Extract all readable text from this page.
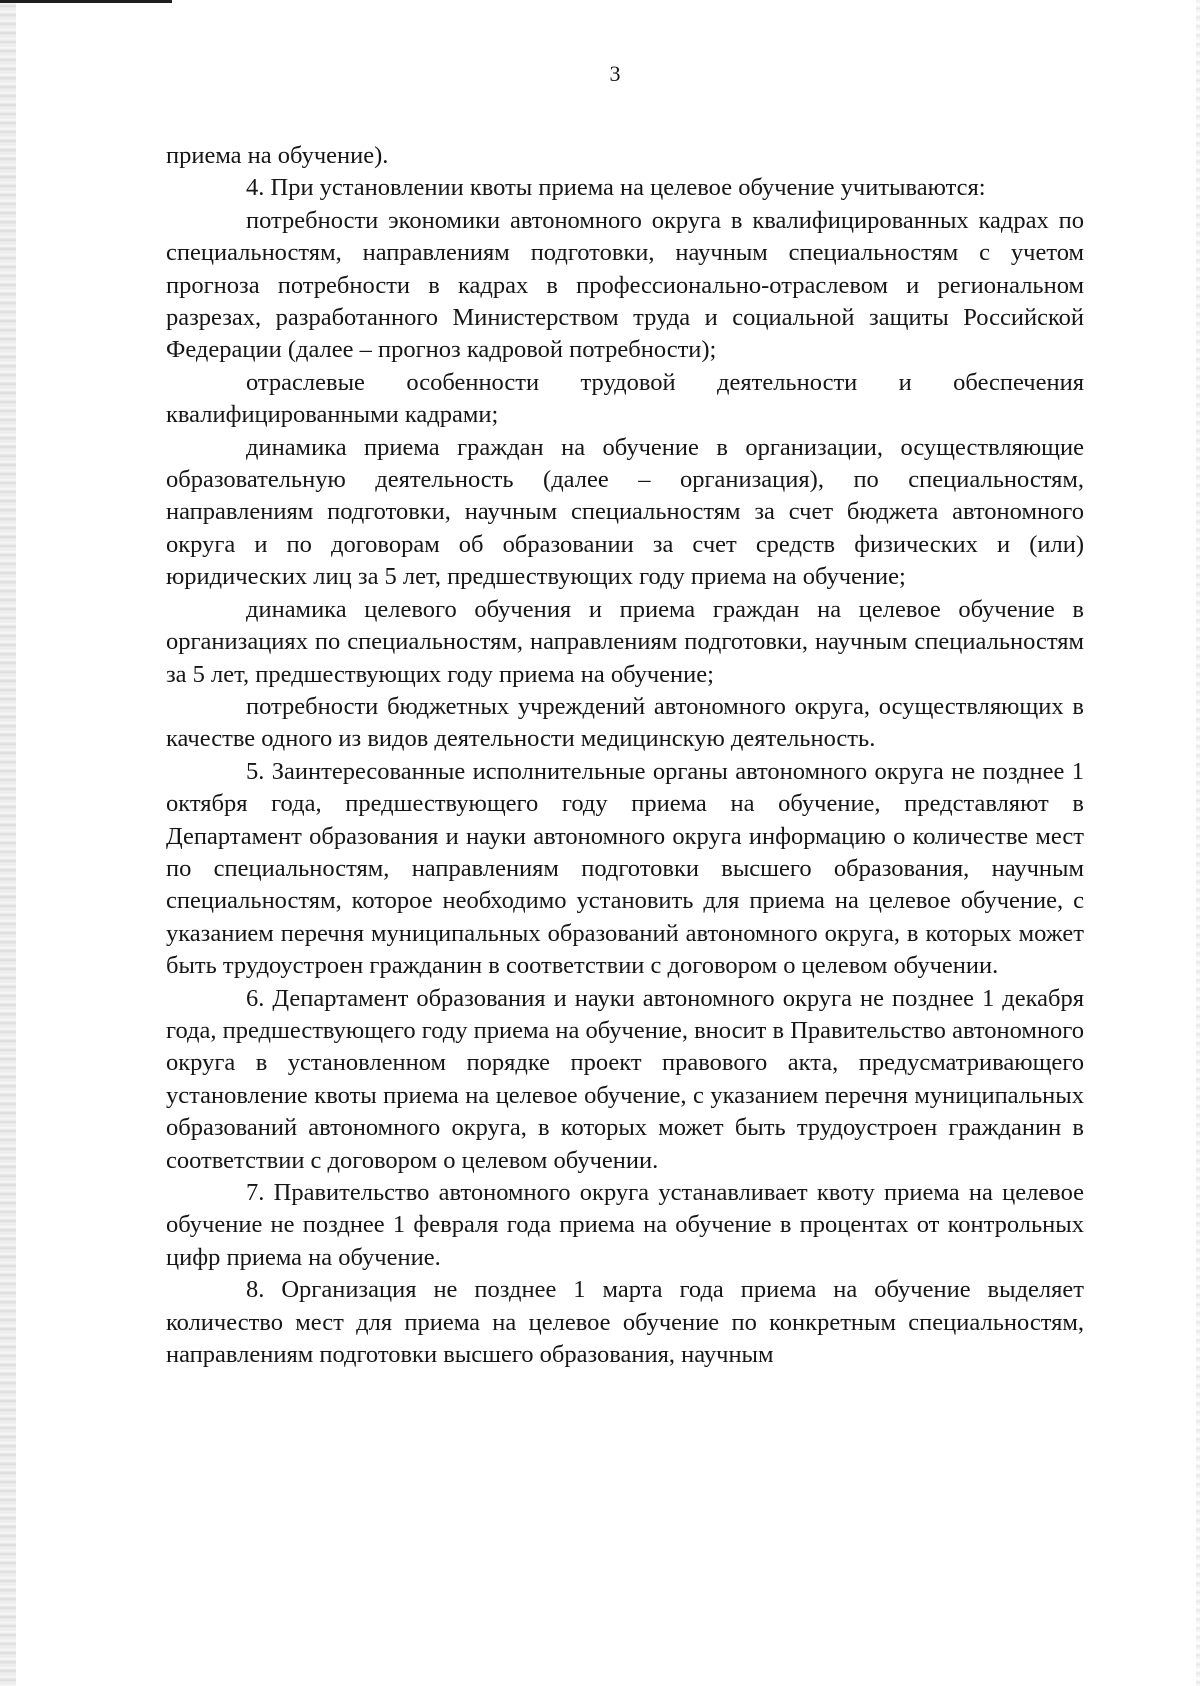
3

приема на обучение).

4. При установлении квоты приема на целевое обучение учитываются:

потребности экономики автономного округа в квалифицированных кадрах по специальностям, направлениям подготовки, научным специальностям с учетом прогноза потребности в кадрах в профессионально-отраслевом и региональном разрезах, разработанного Министерством труда и социальной защиты Российской Федерации (далее – прогноз кадровой потребности);

отраслевые особенности трудовой деятельности и обеспечения квалифицированными кадрами;

динамика приема граждан на обучение в организации, осуществляющие образовательную деятельность (далее – организация), по специальностям, направлениям подготовки, научным специальностям за счет бюджета автономного округа и по договорам об образовании за счет средств физических и (или) юридических лиц за 5 лет, предшествующих году приема на обучение;

динамика целевого обучения и приема граждан на целевое обучение в организациях по специальностям, направлениям подготовки, научным специальностям за 5 лет, предшествующих году приема на обучение;

потребности бюджетных учреждений автономного округа, осуществляющих в качестве одного из видов деятельности медицинскую деятельность.

5. Заинтересованные исполнительные органы автономного округа не позднее 1 октября года, предшествующего году приема на обучение, представляют в Департамент образования и науки автономного округа информацию о количестве мест по специальностям, направлениям подготовки высшего образования, научным специальностям, которое необходимо установить для приема на целевое обучение, с указанием перечня муниципальных образований автономного округа, в которых может быть трудоустроен гражданин в соответствии с договором о целевом обучении.

6. Департамент образования и науки автономного округа не позднее 1 декабря года, предшествующего году приема на обучение, вносит в Правительство автономного округа в установленном порядке проект правового акта, предусматривающего установление квоты приема на целевое обучение, с указанием перечня муниципальных образований автономного округа, в которых может быть трудоустроен гражданин в соответствии с договором о целевом обучении.

7. Правительство автономного округа устанавливает квоту приема на целевое обучение не позднее 1 февраля года приема на обучение в процентах от контрольных цифр приема на обучение.

8. Организация не позднее 1 марта года приема на обучение выделяет количество мест для приема на целевое обучение по конкретным специальностям, направлениям подготовки высшего образования, научным
